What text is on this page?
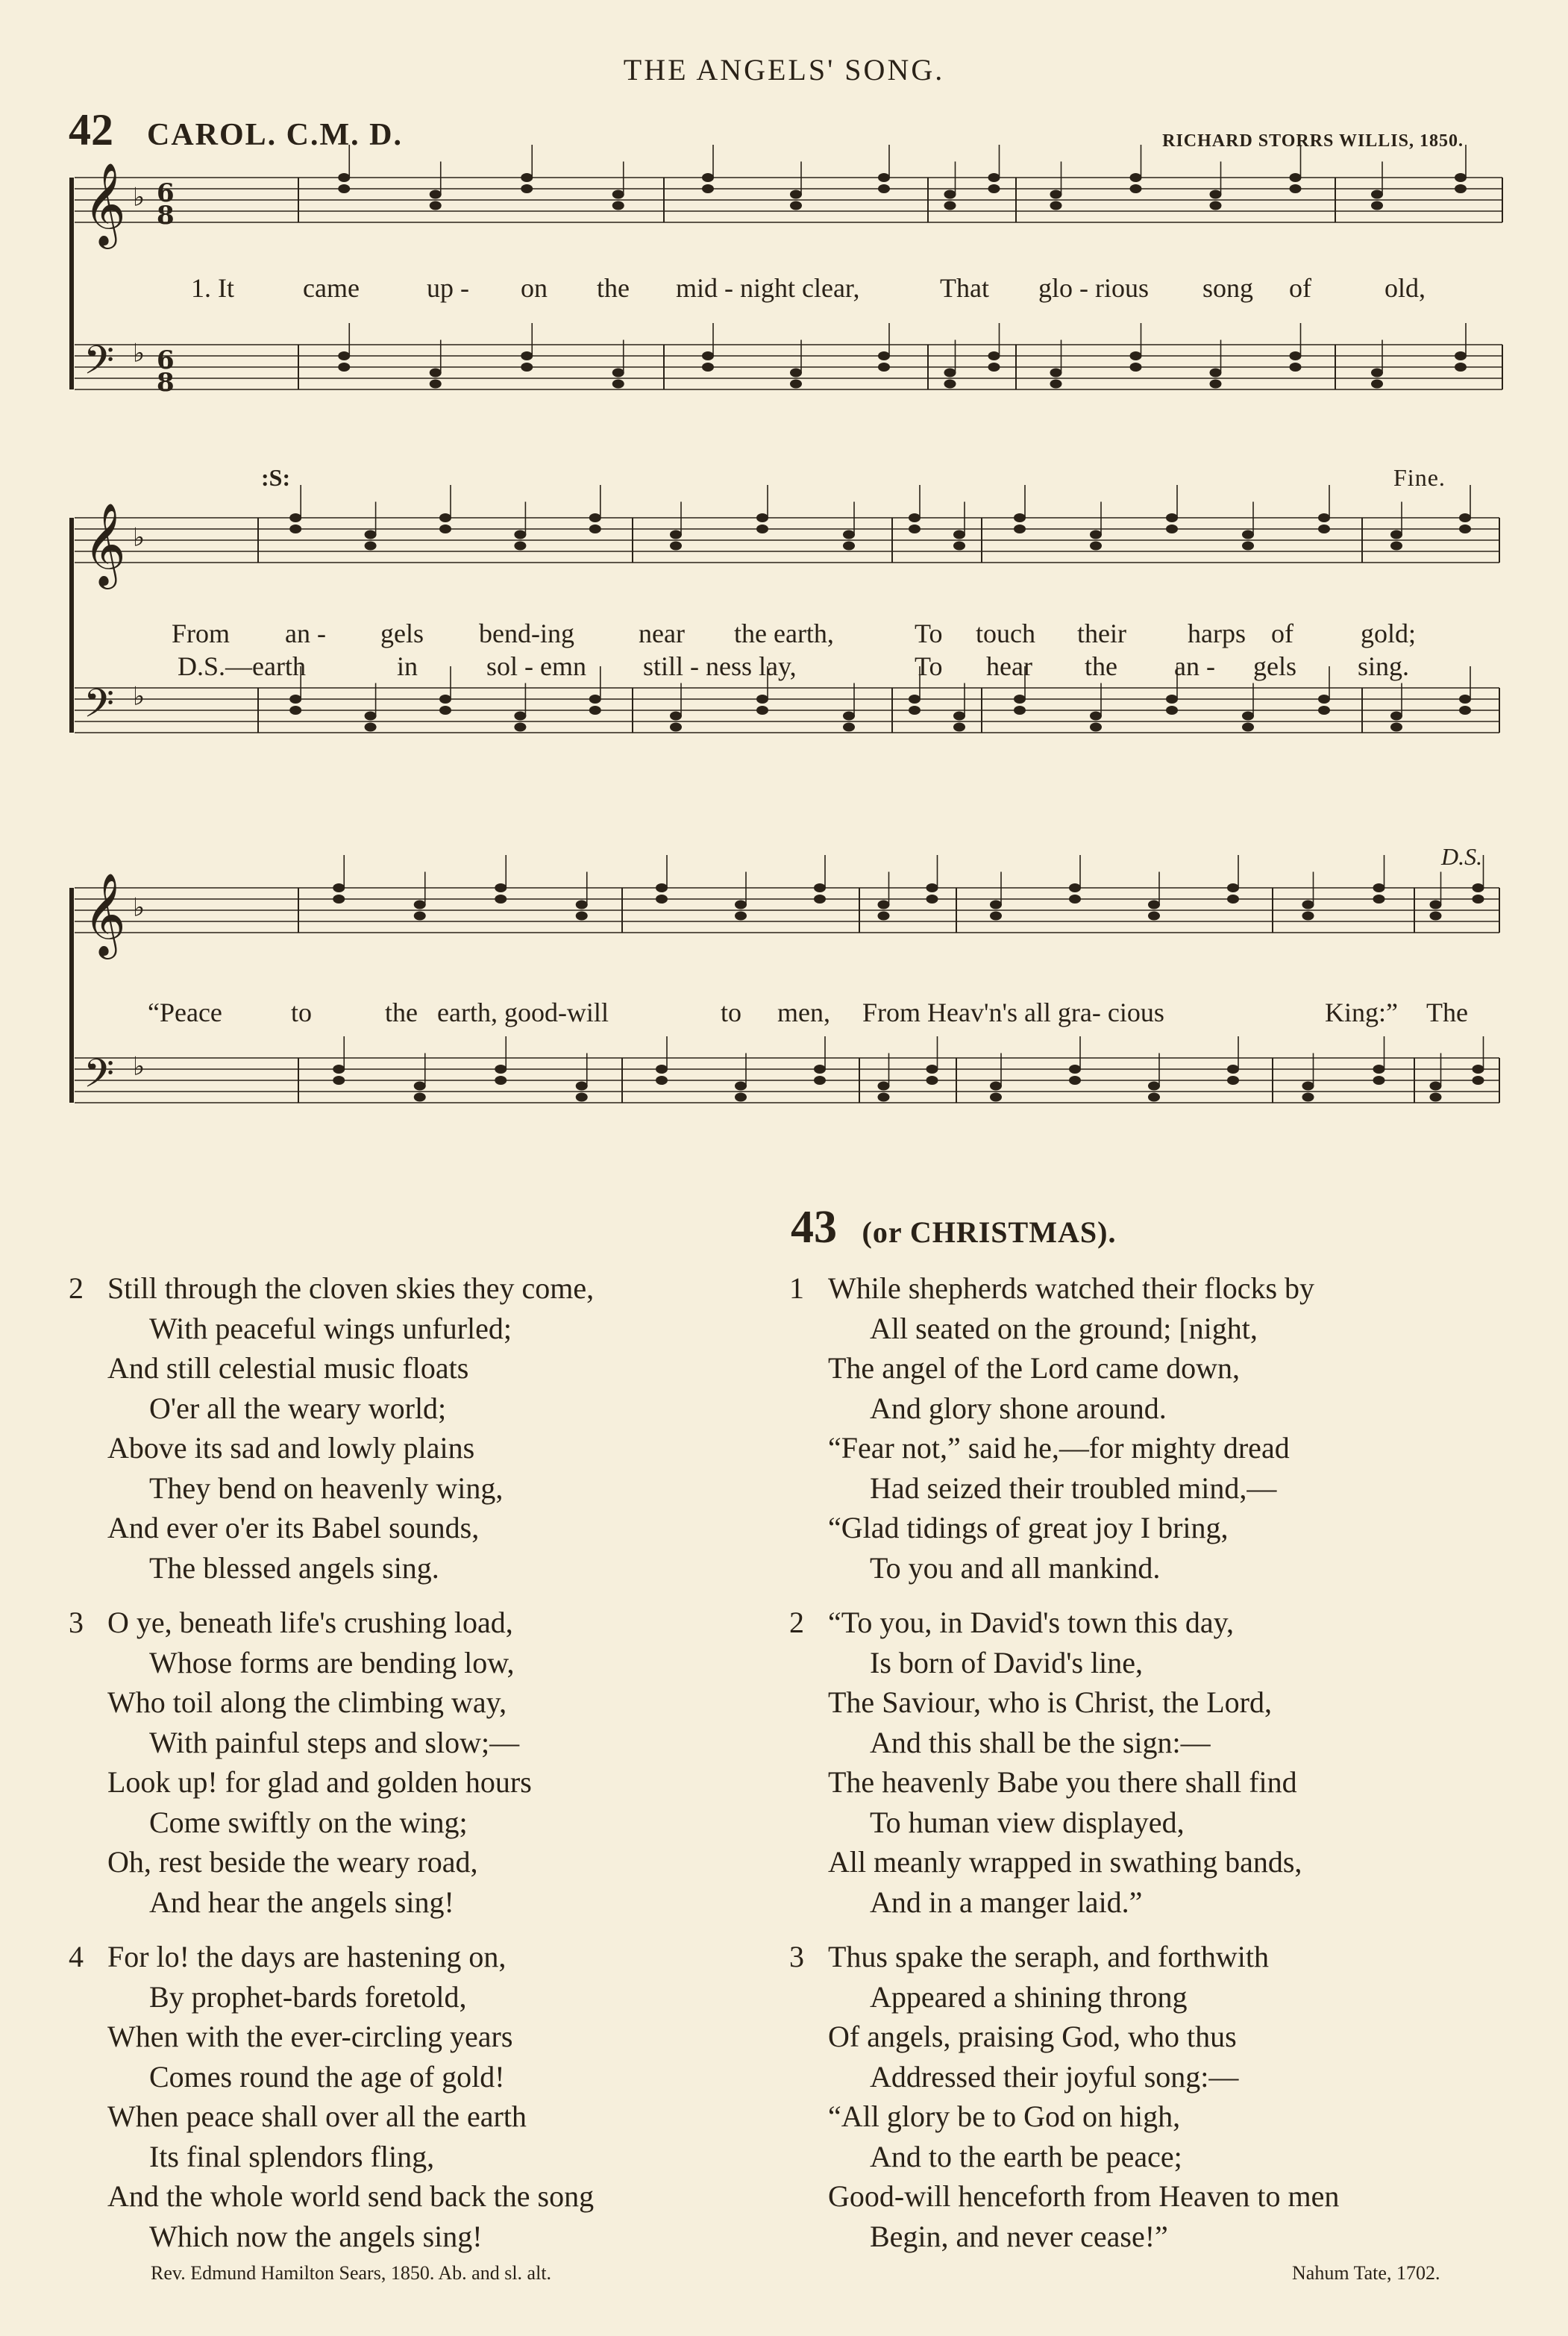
THE ANGELS' SONG.
42 CAROL. C.M. D.	RICHARD STORRS WILLIS, 1850.
𝄞 ♭
𝄢 ♭
𝄞 ♭
𝄢 ♭
𝄞 ♭
𝄢 ♭
6
8
6
8
1. It	came	up - on the mid - night clear,	That glo - rious song of	old,
:S:	Fine.
From an - gels bend-ing near the earth,	To touch their harps of	gold;
D.S.—earth	in	sol - emn still - ness lay,	To hear the an - gels sing.
D.S.
“Peace	to	the earth, good-will	to men, From Heav'n's all gra- cious	King:” The
43 (or CHRISTMAS).
2 Still through the cloven skies they come,
With peaceful wings unfurled;
And still celestial music floats
O'er all the weary world;
Above its sad and lowly plains
They bend on heavenly wing,
And ever o'er its Babel sounds,
The blessed angels sing.
3 O ye, beneath life's crushing load,
Whose forms are bending low,
Who toil along the climbing way,
With painful steps and slow;—
Look up! for glad and golden hours
Come swiftly on the wing;
Oh, rest beside the weary road,
And hear the angels sing!
4 For lo! the days are hastening on,
By prophet-bards foretold,
When with the ever-circling years
Comes round the age of gold!
When peace shall over all the earth
Its final splendors fling,
And the whole world send back the song
Which now the angels sing!
Rev. Edmund Hamilton Sears, 1850. Ab. and sl. alt.
1 While shepherds watched their flocks by
All seated on the ground; [night,
The angel of the Lord came down,
And glory shone around.
“Fear not,” said he,—for mighty dread
Had seized their troubled mind,—
“Glad tidings of great joy I bring,
To you and all mankind.
2 “To you, in David's town this day,
Is born of David's line,
The Saviour, who is Christ, the Lord,
And this shall be the sign:—
The heavenly Babe you there shall find
To human view displayed,
All meanly wrapped in swathing bands,
And in a manger laid.”
3 Thus spake the seraph, and forthwith
Appeared a shining throng
Of angels, praising God, who thus
Addressed their joyful song:—
“All glory be to God on high,
And to the earth be peace;
Good-will henceforth from Heaven to men
Begin, and never cease!”
Nahum Tate, 1702.
